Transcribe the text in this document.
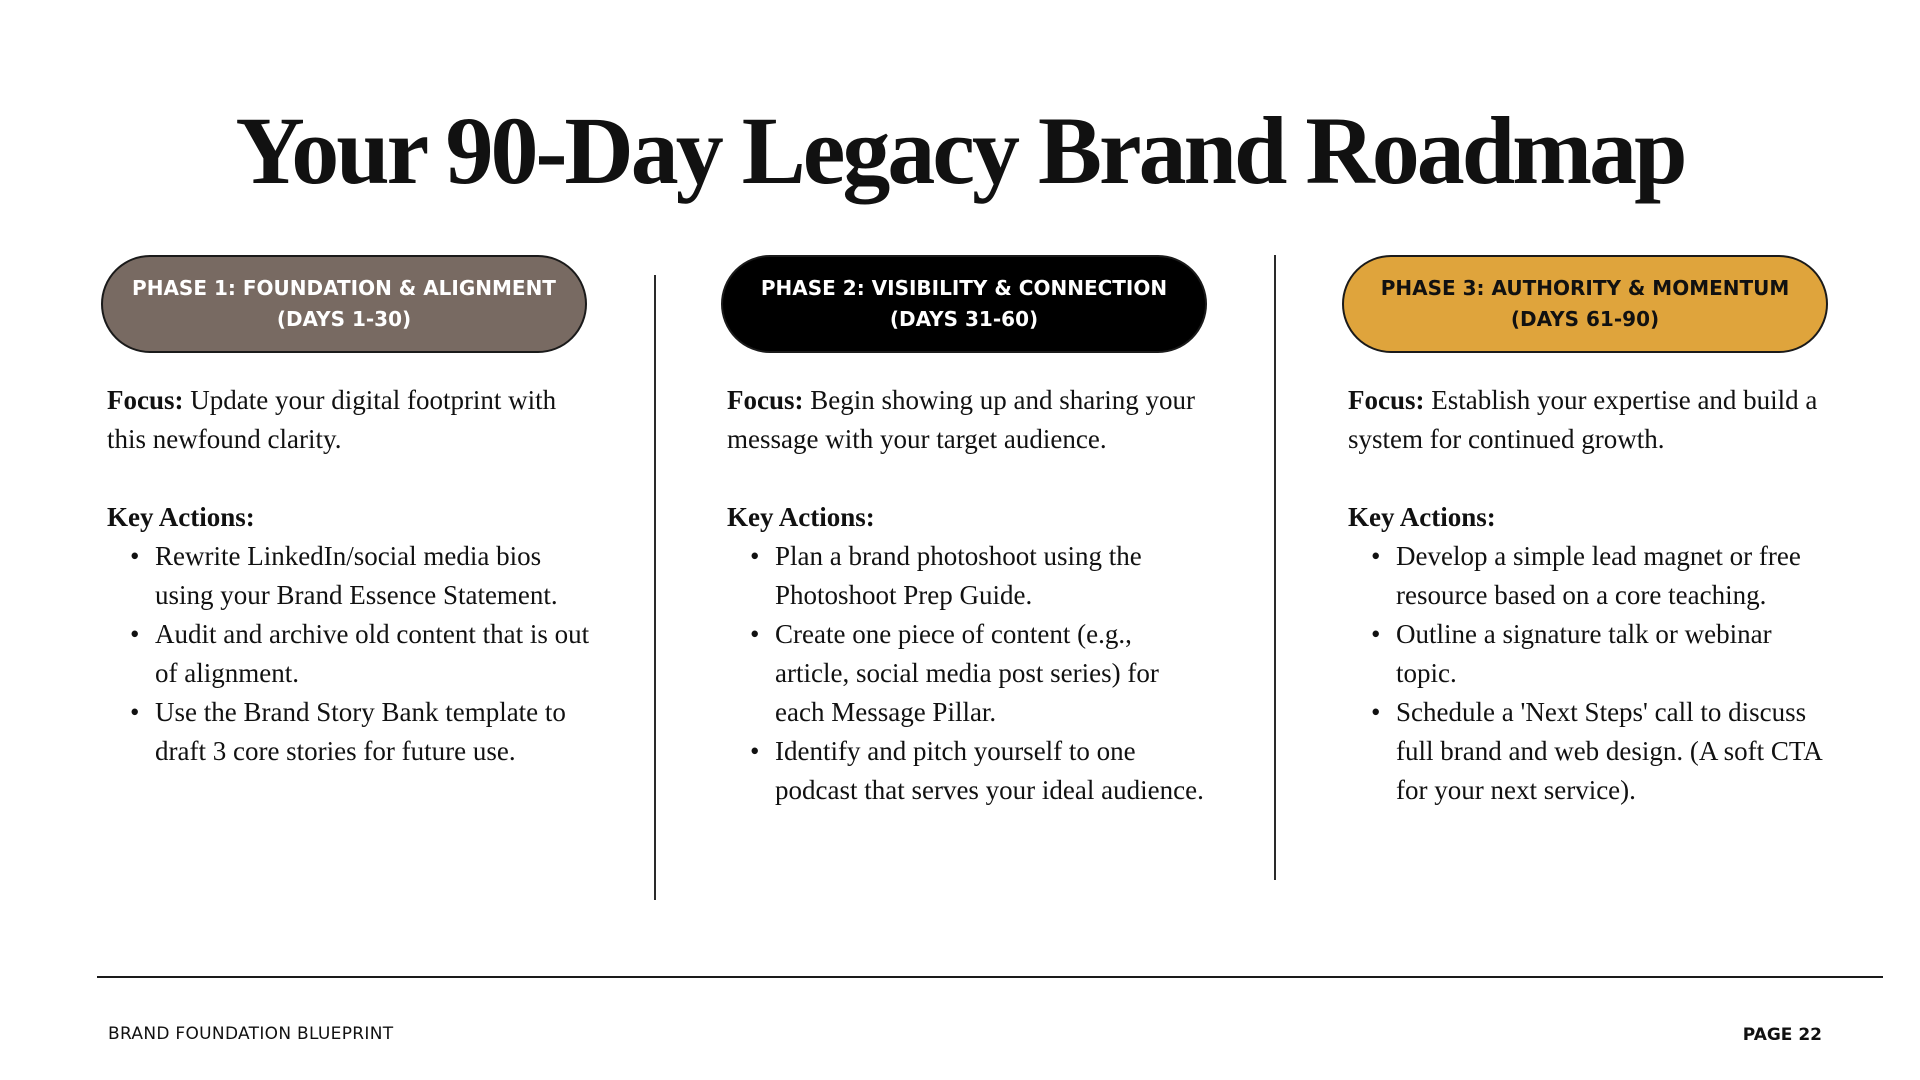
Your 90-Day Legacy Brand Roadmap
PHASE 1: FOUNDATION & ALIGNMENT
(DAYS 1-30)

Focus: Update your digital footprint with this newfound clarity.

Key Actions:

• Rewrite LinkedIn/social media bios using your Brand Essence Statement.
• Audit and archive old content that is out of alignment.
• Use the Brand Story Bank template to draft 3 core stories for future use.
PHASE 2: VISIBILITY & CONNECTION
(DAYS 31-60)

Focus: Begin showing up and sharing your message with your target audience.

Key Actions:

• Plan a brand photoshoot using the Photoshoot Prep Guide.
• Create one piece of content (e.g., article, social media post series) for each Message Pillar.
• Identify and pitch yourself to one podcast that serves your ideal audience.
PHASE 3: AUTHORITY & MOMENTUM
(DAYS 61-90)

Focus: Establish your expertise and build a system for continued growth.

Key Actions:

• Develop a simple lead magnet or free resource based on a core teaching.
• Outline a signature talk or webinar topic.
• Schedule a 'Next Steps' call to discuss full brand and web design. (A soft CTA for your next service).
BRAND FOUNDATION BLUEPRINT	PAGE 22
